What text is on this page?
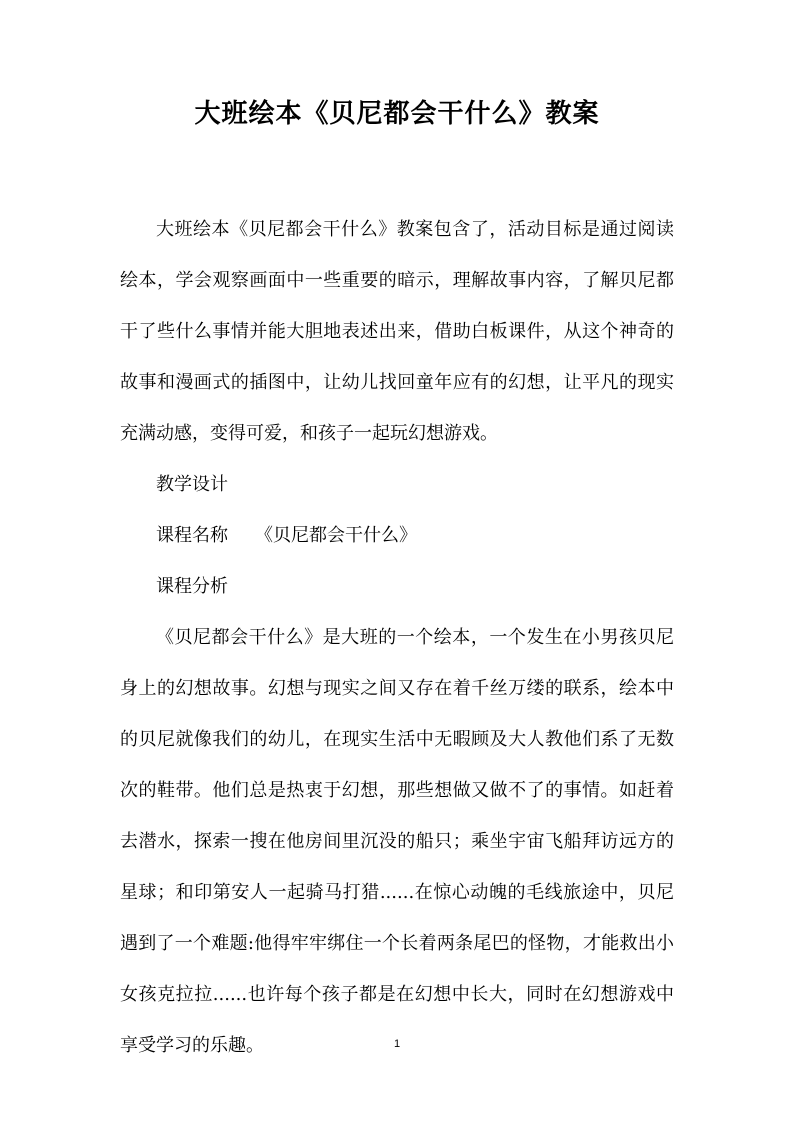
大班绘本《贝尼都会干什么》教案

大班绘本《贝尼都会干什么》教案包含了，活动目标是通过阅读绘本，学会观察画面中一些重要的暗示，理解故事内容，了解贝尼都干了些什么事情并能大胆地表述出来，借助白板课件，从这个神奇的故事和漫画式的插图中，让幼儿找回童年应有的幻想，让平凡的现实充满动感，变得可爱，和孩子一起玩幻想游戏。

教学设计

课程名称　　《贝尼都会干什么》

课程分析

《贝尼都会干什么》是大班的一个绘本，一个发生在小男孩贝尼身上的幻想故事。幻想与现实之间又存在着千丝万缕的联系，绘本中的贝尼就像我们的幼儿，在现实生活中无暇顾及大人教他们系了无数次的鞋带。他们总是热衷于幻想，那些想做又做不了的事情。如赶着去潜水，探索一搜在他房间里沉没的船只；乘坐宇宙飞船拜访远方的星球；和印第安人一起骑马打猎......在惊心动魄的毛线旅途中，贝尼遇到了一个难题:他得牢牢绑住一个长着两条尾巴的怪物，才能救出小女孩克拉拉......也许每个孩子都是在幻想中长大，同时在幻想游戏中享受学习的乐趣。	1
